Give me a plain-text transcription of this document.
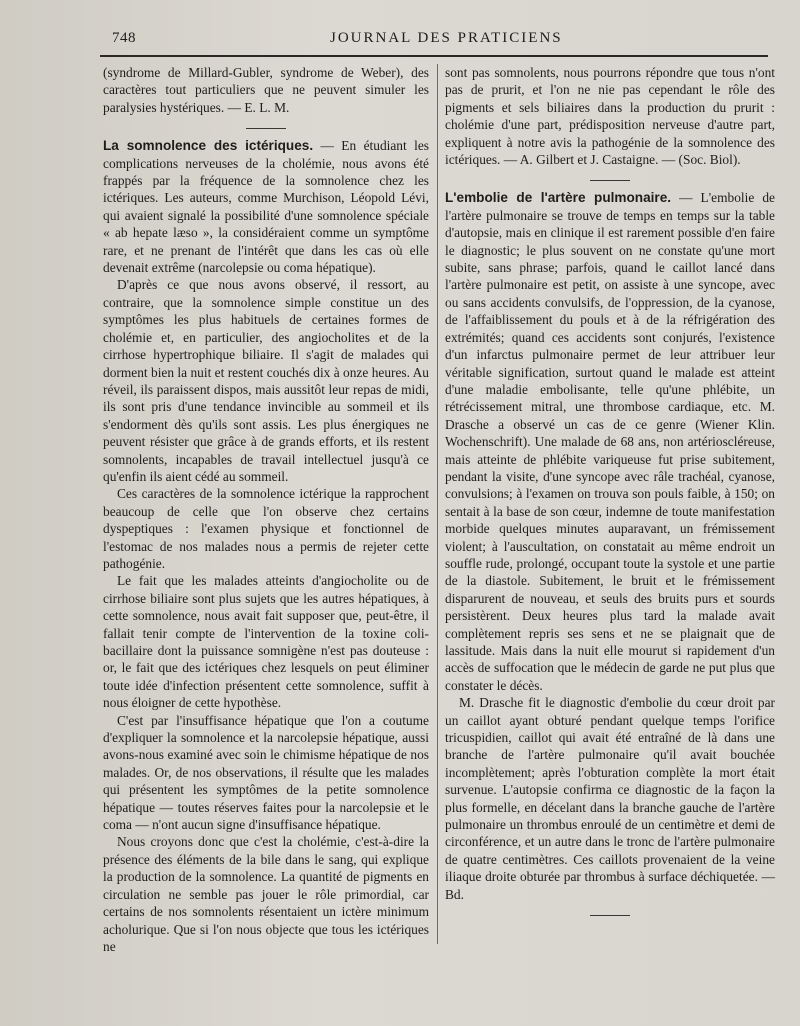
748	JOURNAL DES PRATICIENS

(syndrome de Millard-Gubler, syndrome de Weber), des caractères tout particuliers que ne peuvent simuler les paralysies hystériques. — E. L. M.

La somnolence des ictériques. — En étudiant les complications nerveuses de la cholémie, nous avons été frappés par la fréquence de la somnolence chez les ictériques. Les auteurs, comme Murchison, Léopold Lévi, qui avaient signalé la possibilité d'une somnolence spéciale « ab hepate læso », la considéraient comme un symptôme rare, et ne prenant de l'intérêt que dans les cas où elle devenait extrême (narcolepsie ou coma hépatique).

D'après ce que nous avons observé, il ressort, au contraire, que la somnolence simple constitue un des symptômes les plus habituels de certaines formes de cholémie et, en particulier, des angiocholites et de la cirrhose hypertrophique biliaire. Il s'agit de malades qui dorment bien la nuit et restent couchés dix à onze heures. Au réveil, ils paraissent dispos, mais aussitôt leur repas de midi, ils sont pris d'une tendance invincible au sommeil et ils s'endorment dès qu'ils sont assis. Les plus énergiques ne peuvent résister que grâce à de grands efforts, et ils restent somnolents, incapables de travail intellectuel jusqu'à ce qu'enfin ils aient cédé au sommeil.

Ces caractères de la somnolence ictérique la rapprochent beaucoup de celle que l'on observe chez certains dyspeptiques : l'examen physique et fonctionnel de l'estomac de nos malades nous a permis de rejeter cette pathogénie.

Le fait que les malades atteints d'angiocholite ou de cirrhose biliaire sont plus sujets que les autres hépatiques, à cette somnolence, nous avait fait supposer que, peut-être, il fallait tenir compte de l'intervention de la toxine coli-bacillaire dont la puissance somnigène n'est pas douteuse : or, le fait que des ictériques chez lesquels on peut éliminer toute idée d'infection présentent cette somnolence, suffit à nous éloigner de cette hypothèse.

C'est par l'insuffisance hépatique que l'on a coutume d'expliquer la somnolence et la narcolepsie hépatique, aussi avons-nous examiné avec soin le chimisme hépatique de nos malades. Or, de nos observations, il résulte que les malades qui présentent les symptômes de la petite somnolence hépatique — toutes réserves faites pour la narcolepsie et le coma — n'ont aucun signe d'insuffisance hépatique.

Nous croyons donc que c'est la cholémie, c'est-à-dire la présence des éléments de la bile dans le sang, qui explique la production de la somnolence. La quantité de pigments en circulation ne semble pas jouer le rôle primordial, car certains de nos somnolents résentaient un ictère minimum acholurique. Que si l'on nous objecte que tous les ictériques ne

sont pas somnolents, nous pourrons répondre que tous n'ont pas de prurit, et l'on ne nie pas cependant le rôle des pigments et sels biliaires dans la production du prurit : cholémie d'une part, prédisposition nerveuse d'autre part, expliquent à notre avis la pathogénie de la somnolence des ictériques. — A. Gilbert et J. Castaigne. — (Soc. Biol).

L'embolie de l'artère pulmonaire. — L'embolie de l'artère pulmonaire se trouve de temps en temps sur la table d'autopsie, mais en clinique il est rarement possible d'en faire le diagnostic; le plus souvent on ne constate qu'une mort subite, sans phrase; parfois, quand le caillot lancé dans l'artère pulmonaire est petit, on assiste à une syncope, avec ou sans accidents convulsifs, de l'oppression, de la cyanose, de l'affaiblissement du pouls et à de la réfrigération des extrémités; quand ces accidents sont conjurés, l'existence d'un infarctus pulmonaire permet de leur attribuer leur véritable signification, surtout quand le malade est atteint d'une maladie embolisante, telle qu'une phlébite, un rétrécissement mitral, une thrombose cardiaque, etc. M. Drasche a observé un cas de ce genre (Wiener Klin. Wochenschrift). Une malade de 68 ans, non artérioscléreuse, mais atteinte de phlébite variqueuse fut prise subitement, pendant la visite, d'une syncope avec râle trachéal, cyanose, convulsions; à l'examen on trouva son pouls faible, à 150; on sentait à la base de son cœur, indemne de toute manifestation morbide quelques minutes auparavant, un frémissement violent; à l'auscultation, on constatait au même endroit un souffle rude, prolongé, occupant toute la systole et une partie de la diastole. Subitement, le bruit et le frémissement disparurent de nouveau, et seuls des bruits purs et sourds persistèrent. Deux heures plus tard la malade avait complètement repris ses sens et ne se plaignait que de lassitude. Mais dans la nuit elle mourut si rapidement d'un accès de suffocation que le médecin de garde ne put plus que constater le décès.

M. Drasche fit le diagnostic d'embolie du cœur droit par un caillot ayant obturé pendant quelque temps l'orifice tricuspidien, caillot qui avait été entraîné de là dans une branche de l'artère pulmonaire qu'il avait bouchée incomplètement; après l'obturation complète la mort était survenue. L'autopsie confirma ce diagnostic de la façon la plus formelle, en décelant dans la branche gauche de l'artère pulmonaire un thrombus enroulé de un centimètre et demi de circonférence, et un autre dans le tronc de l'artère pulmonaire de quatre centimètres. Ces caillots provenaient de la veine iliaque droite obturée par thrombus à surface déchiquetée. — Bd.
